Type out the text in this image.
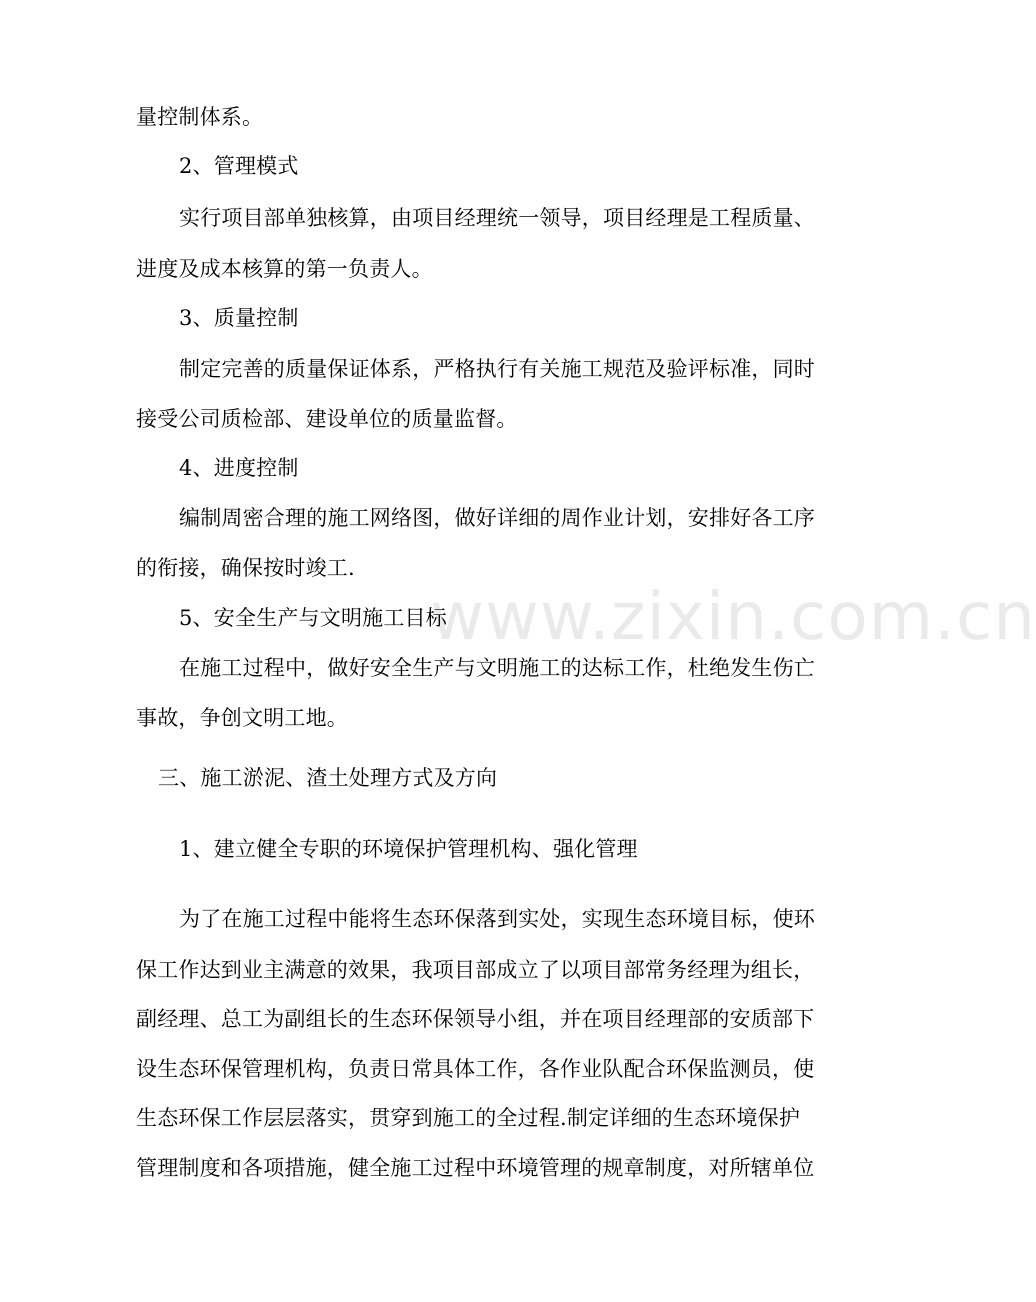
www.zixin.com.cn
量控制体系。
2、管理模式
实行项目部单独核算，由项目经理统一领导，项目经理是工程质量、
进度及成本核算的第一负责人。
3、质量控制
制定完善的质量保证体系，严格执行有关施工规范及验评标准，同时
接受公司质检部、建设单位的质量监督。
4、进度控制
编制周密合理的施工网络图，做好详细的周作业计划，安排好各工序
的衔接，确保按时竣工.
5、安全生产与文明施工目标
在施工过程中，做好安全生产与文明施工的达标工作，杜绝发生伤亡
事故，争创文明工地。
三、施工淤泥、渣土处理方式及方向
1、建立健全专职的环境保护管理机构、强化管理
为了在施工过程中能将生态环保落到实处，实现生态环境目标，使环
保工作达到业主满意的效果，我项目部成立了以项目部常务经理为组长，
副经理、总工为副组长的生态环保领导小组，并在项目经理部的安质部下
设生态环保管理机构，负责日常具体工作，各作业队配合环保监测员，使
生态环保工作层层落实，贯穿到施工的全过程.制定详细的生态环境保护
管理制度和各项措施，健全施工过程中环境管理的规章制度，对所辖单位
